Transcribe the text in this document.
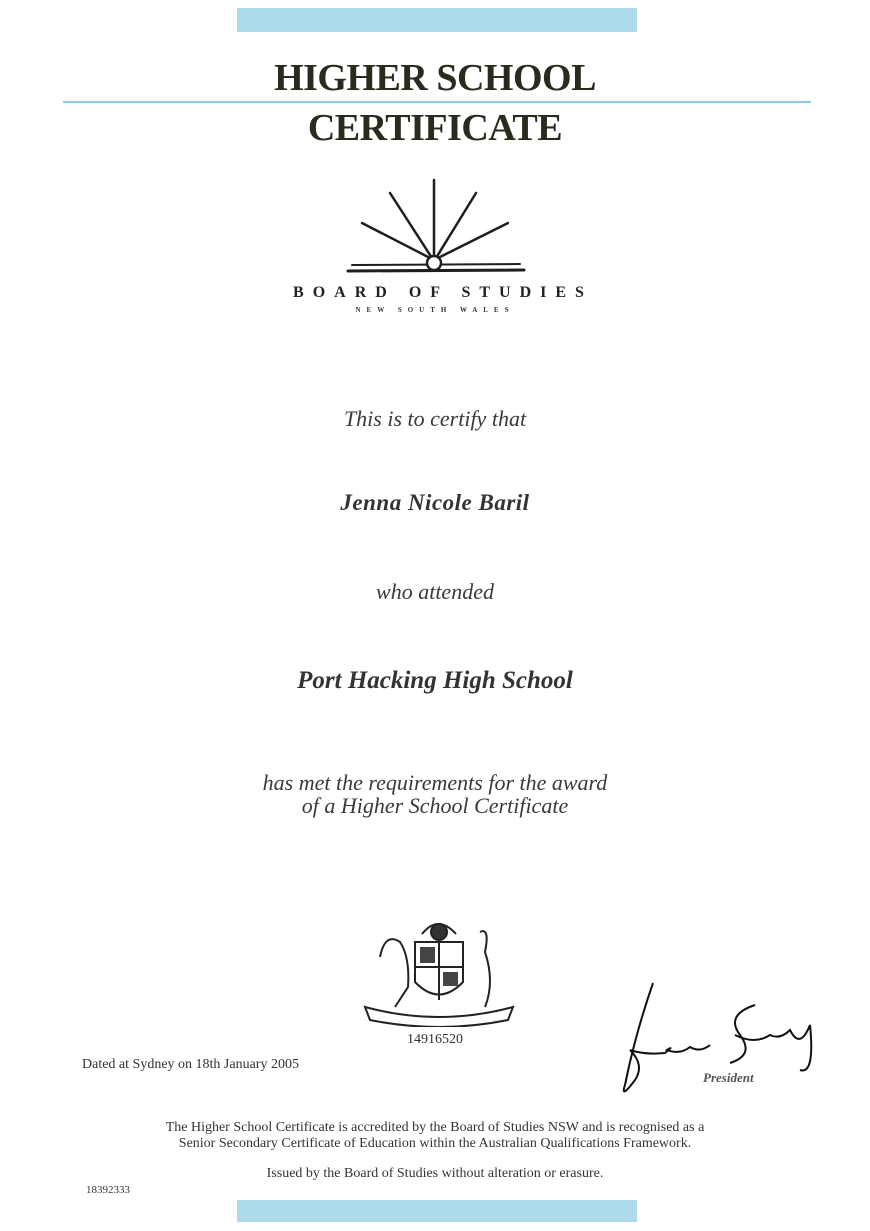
HIGHER SCHOOL
CERTIFICATE
BOARD OF STUDIES
NEW SOUTH WALES
This is to certify that
Jenna Nicole Baril
who attended
Port Hacking High School
has met the requirements for the award
of a Higher School Certificate
14916520
Dated at Sydney on 18th January 2005
President
The Higher School Certificate is accredited by the Board of Studies NSW and is recognised as a
Senior Secondary Certificate of Education within the Australian Qualifications Framework.
Issued by the Board of Studies without alteration or erasure.
18392333
